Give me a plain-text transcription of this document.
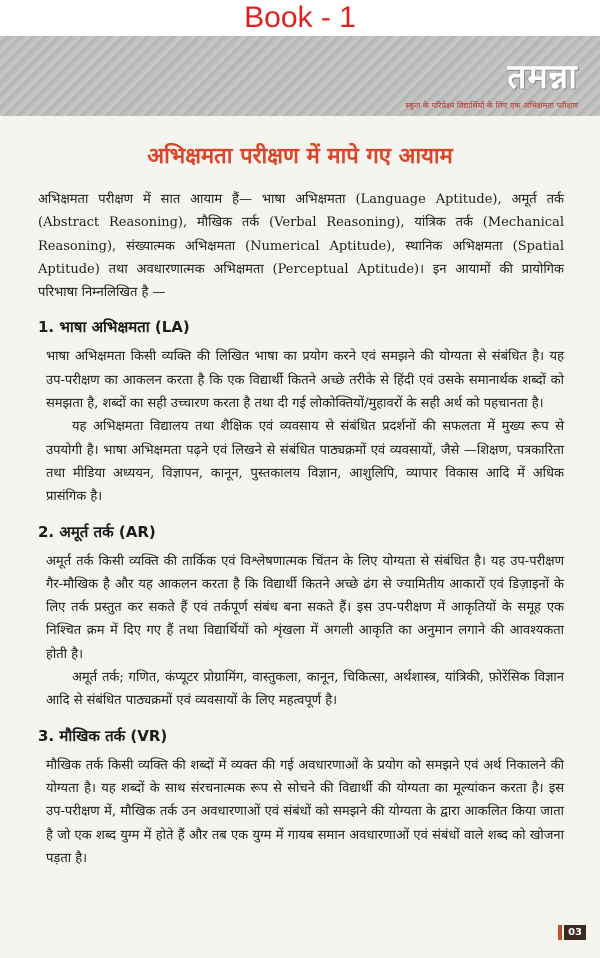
Book - 1
तमन्ना
स्कूल के परिप्रेक्ष्य विद्यार्थियों के लिए एक अभिक्षमता परीक्षण
अभिक्षमता परीक्षण में मापे गए आयाम

अभिक्षमता परीक्षण में सात आयाम हैं— भाषा अभिक्षमता (Language Aptitude), अमूर्त तर्क (Abstract Reasoning), मौखिक तर्क (Verbal Reasoning), यांत्रिक तर्क (Mechanical Reasoning), संख्यात्मक अभिक्षमता (Numerical Aptitude), स्थानिक अभिक्षमता (Spatial Aptitude) तथा अवधारणात्मक अभिक्षमता (Perceptual Aptitude)। इन आयामों की प्रायोगिक परिभाषा निम्नलिखित है —

1. भाषा अभिक्षमता (LA)

भाषा अभिक्षमता किसी व्यक्ति की लिखित भाषा का प्रयोग करने एवं समझने की योग्यता से संबंधित है। यह उप-परीक्षण का आकलन करता है कि एक विद्यार्थी कितने अच्छे तरीके से हिंदी एवं उसके समानार्थक शब्दों को समझता है, शब्दों का सही उच्चारण करता है तथा दी गई लोकोक्तियों/मुहावरों के सही अर्थ को पहचानता है।

यह अभिक्षमता विद्यालय तथा शैक्षिक एवं व्यवसाय से संबंधित प्रदर्शनों की सफलता में मुख्य रूप से उपयोगी है। भाषा अभिक्षमता पढ़ने एवं लिखने से संबंधित पाठ्यक्रमों एवं व्यवसायों, जैसे —शिक्षण, पत्रकारिता तथा मीडिया अध्ययन, विज्ञापन, कानून, पुस्तकालय विज्ञान, आशुलिपि, व्यापार विकास आदि में अधिक प्रासंगिक है।

2. अमूर्त तर्क (AR)

अमूर्त तर्क किसी व्यक्ति की तार्किक एवं विश्लेषणात्मक चिंतन के लिए योग्यता से संबंधित है। यह उप-परीक्षण गैर-मौखिक है और यह आकलन करता है कि विद्यार्थी कितने अच्छे ढंग से ज्यामितीय आकारों एवं डिज़ाइनों के लिए तर्क प्रस्तुत कर सकते हैं एवं तर्कपूर्ण संबंध बना सकते हैं। इस उप-परीक्षण में आकृतियों के समूह एक निश्चित क्रम में दिए गए हैं तथा विद्यार्थियों को शृंखला में अगली आकृति का अनुमान लगाने की आवश्यकता होती है।

अमूर्त तर्क; गणित, कंप्यूटर प्रोग्रामिंग, वास्तुकला, कानून, चिकित्सा, अर्थशास्त्र, यांत्रिकी, फ़ोरेंसिक विज्ञान आदि से संबंधित पाठ्यक्रमों एवं व्यवसायों के लिए महत्वपूर्ण है।

3. मौखिक तर्क (VR)

मौखिक तर्क किसी व्यक्ति की शब्दों में व्यक्त की गई अवधारणाओं के प्रयोग को समझने एवं अर्थ निकालने की योग्यता है। यह शब्दों के साथ संरचनात्मक रूप से सोचने की विद्यार्थी की योग्यता का मूल्यांकन करता है। इस उप-परीक्षण में, मौखिक तर्क उन अवधारणाओं एवं संबंधों को समझने की योग्यता के द्वारा आकलित किया जाता है जो एक शब्द युग्म में होते हैं और तब एक युग्म में गायब समान अवधारणाओं एवं संबंधों वाले शब्द को खोजना पड़ता है।

03
